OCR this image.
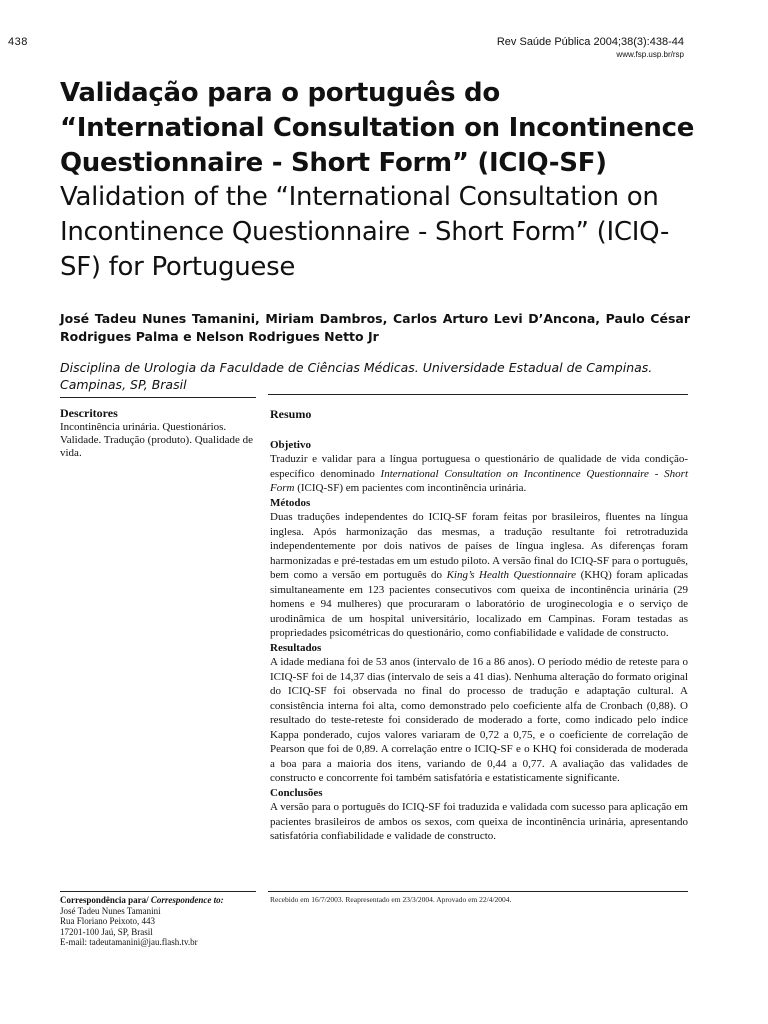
438	Rev Saúde Pública 2004;38(3):438-44
www.fsp.usp.br/rsp
Validação para o português do “International Consultation on Incontinence Questionnaire - Short Form” (ICIQ-SF)
Validation of the “International Consultation on Incontinence Questionnaire - Short Form” (ICIQ-SF) for Portuguese
José Tadeu Nunes Tamanini, Miriam Dambros, Carlos Arturo Levi D’Ancona, Paulo César Rodrigues Palma e Nelson Rodrigues Netto Jr
Disciplina de Urologia da Faculdade de Ciências Médicas. Universidade Estadual de Campinas. Campinas, SP, Brasil
Descritores
Incontinência urinária. Questionários. Validade. Tradução (produto). Qualidade de vida.
Resumo
Objetivo

Traduzir e validar para a língua portuguesa o questionário de qualidade de vida condição-específico denominado International Consultation on Incontinence Questionnaire - Short Form (ICIQ-SF) em pacientes com incontinência urinária.

Métodos

Duas traduções independentes do ICIQ-SF foram feitas por brasileiros, fluentes na língua inglesa. Após harmonização das mesmas, a tradução resultante foi retrotraduzida independentemente por dois nativos de países de língua inglesa. As diferenças foram harmonizadas e pré-testadas em um estudo piloto. A versão final do ICIQ-SF para o português, bem como a versão em português do King’s Health Questionnaire (KHQ) foram aplicadas simultaneamente em 123 pacientes consecutivos com queixa de incontinência urinária (29 homens e 94 mulheres) que procuraram o laboratório de uroginecologia e o serviço de urodinâmica de um hospital universitário, localizado em Campinas. Foram testadas as propriedades psicométricas do questionário, como confiabilidade e validade de constructo.

Resultados

A idade mediana foi de 53 anos (intervalo de 16 a 86 anos). O período médio de reteste para o ICIQ-SF foi de 14,37 dias (intervalo de seis a 41 dias). Nenhuma alteração do formato original do ICIQ-SF foi observada no final do processo de tradução e adaptação cultural. A consistência interna foi alta, como demonstrado pelo coeficiente alfa de Cronbach (0,88). O resultado do teste-reteste foi considerado de moderado a forte, como indicado pelo índice Kappa ponderado, cujos valores variaram de 0,72 a 0,75, e o coeficiente de correlação de Pearson que foi de 0,89. A correlação entre o ICIQ-SF e o KHQ foi considerada de moderada a boa para a maioria dos itens, variando de 0,44 a 0,77. A avaliação das validades de constructo e concorrente foi também satisfatória e estatisticamente significante.

Conclusões

A versão para o português do ICIQ-SF foi traduzida e validada com sucesso para aplicação em pacientes brasileiros de ambos os sexos, com queixa de incontinência urinária, apresentando satisfatória confiabilidade e validade de constructo.

Correspondência para/ Correspondence to:
José Tadeu Nunes Tamanini
Rua Floriano Peixoto, 443
17201-100 Jaú, SP, Brasil
E-mail: tadeutamanini@jau.flash.tv.br
Recebido em 16/7/2003. Reapresentado em 23/3/2004. Aprovado em 22/4/2004.
